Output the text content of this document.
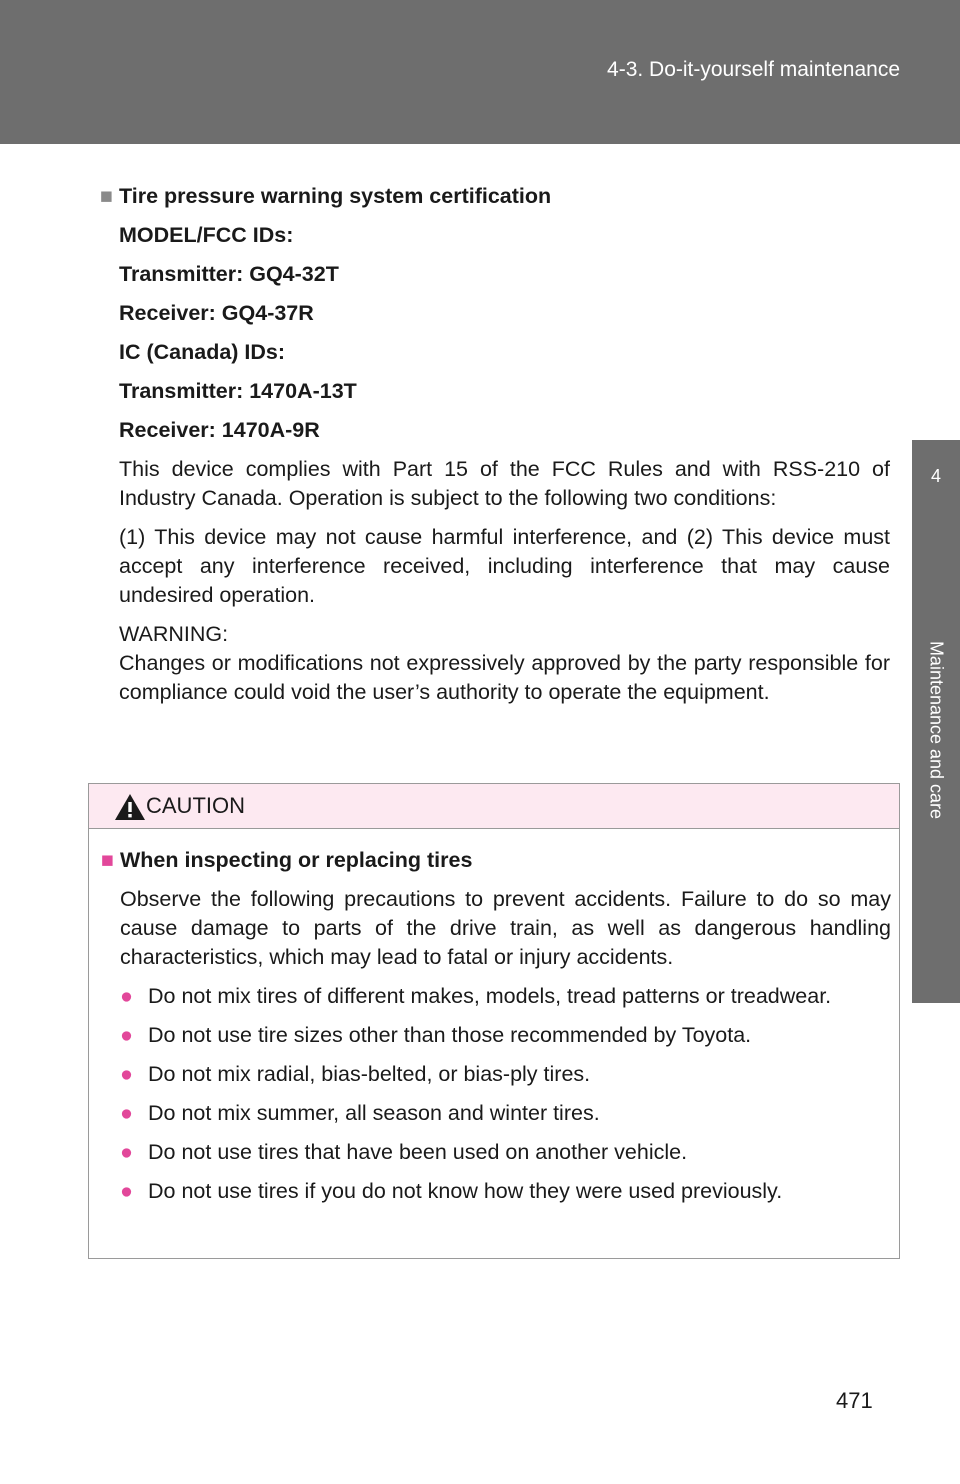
4-3. Do-it-yourself maintenance
4
Maintenance and care
■ Tire pressure warning system certification
MODEL/FCC IDs:
Transmitter: GQ4-32T
Receiver: GQ4-37R
IC (Canada) IDs:
Transmitter: 1470A-13T
Receiver: 1470A-9R
This device complies with Part 15 of the FCC Rules and with RSS-210 of Industry Canada. Operation is subject to the following two conditions:
(1) This device may not cause harmful interference, and (2) This device must accept any interference received, including interference that may cause undesired operation.
WARNING:
Changes or modifications not expressively approved by the party responsible for compliance could void the user’s authority to operate the equipment.
CAUTION
■ When inspecting or replacing tires
Observe the following precautions to prevent accidents. Failure to do so may cause damage to parts of the drive train, as well as dangerous handling characteristics, which may lead to fatal or injury accidents.
● Do not mix tires of different makes, models, tread patterns or treadwear.
● Do not use tire sizes other than those recommended by Toyota.
● Do not mix radial, bias-belted, or bias-ply tires.
● Do not mix summer, all season and winter tires.
● Do not use tires that have been used on another vehicle.
● Do not use tires if you do not know how they were used previously.
471
